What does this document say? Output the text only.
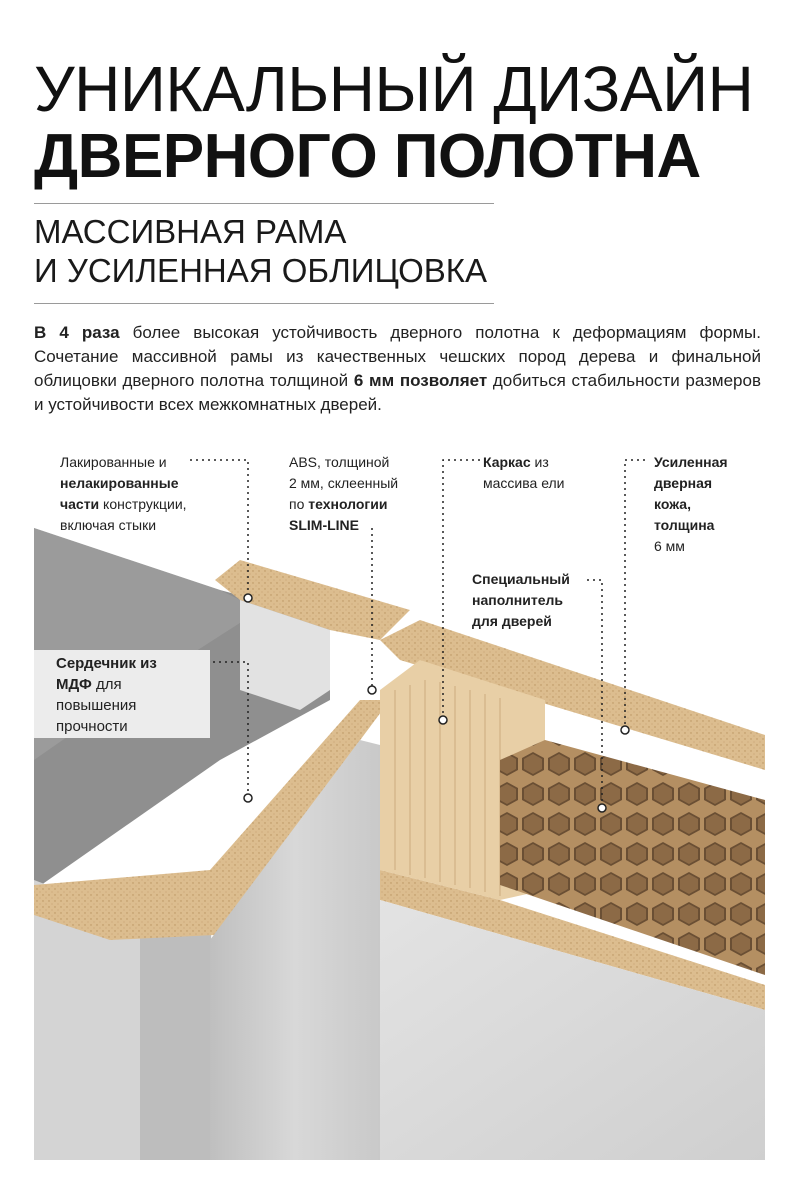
УНИКАЛЬНЫЙ ДИЗАЙН
ДВЕРНОГО ПОЛОТНА
МАССИВНАЯ РАМА
И УСИЛЕННАЯ ОБЛИЦОВКА
В 4 раза более высокая устойчивость дверного полотна к деформациям формы. Сочетание массивной рамы из качественных чешских пород дерева и финальной облицовки дверного полотна толщиной 6 мм позволяет добиться стабильности размеров и устойчивости всех межкомнатных дверей.
Лакированные и
нелакированные
части конструкции,
включая стыки
ABS, толщиной
2 мм, склеенный
по технологии
SLIM-LINE
Каркас из
массива ели
Усиленная
дверная
кожа,
толщина
6 мм
Специальный
наполнитель
для дверей
Сердечник из
МДФ для
повышения
прочности
